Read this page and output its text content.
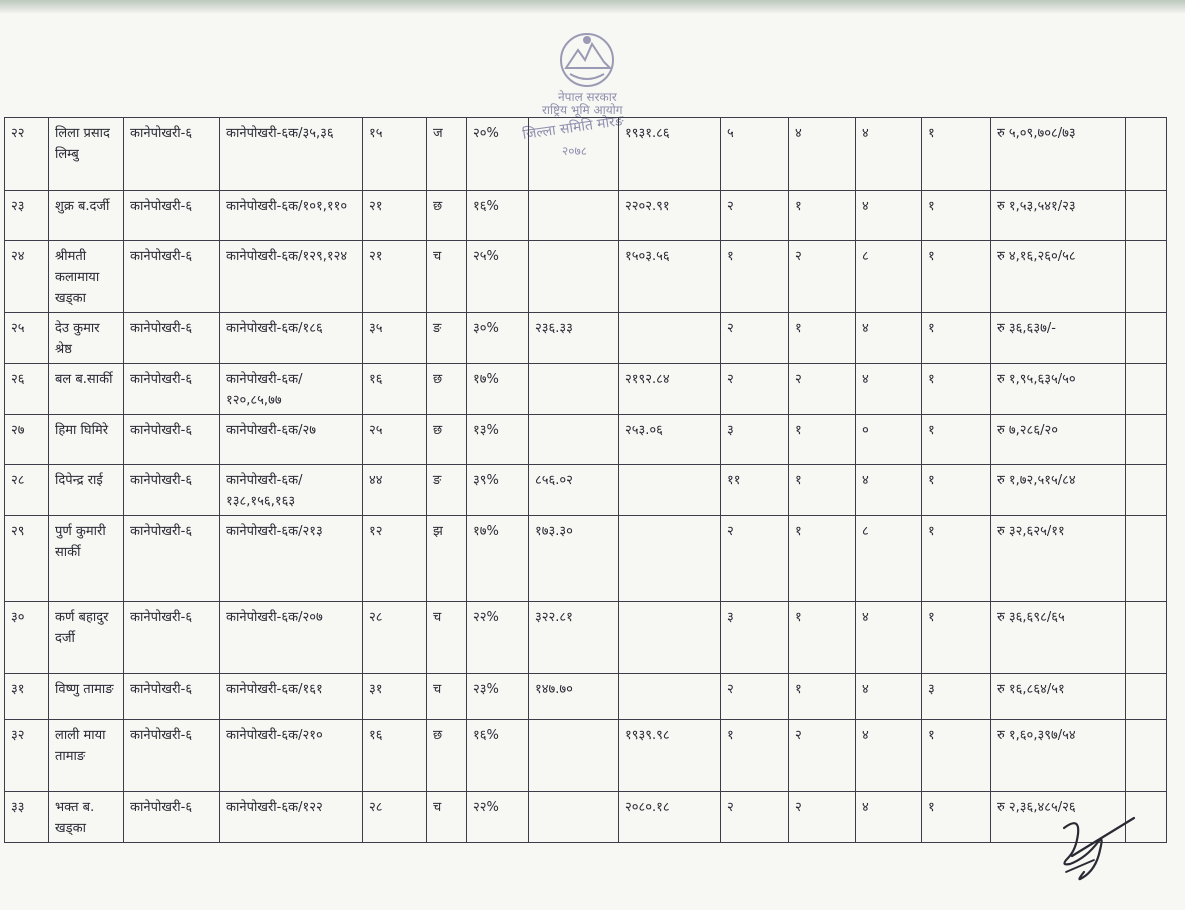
नेपाल सरकार
राष्ट्रिय भूमि आयोग
जिल्ला समिति मोरङ
२०७८
२२	लिला प्रसाद लिम्बु	कानेपोखरी-६	कानेपोखरी-६क/३५,३६	१५	ज	२०%		१९३१.८६	५	४	४	१	रु ५,०९,७०८/७३	
२३	शुक्र ब.दर्जी	कानेपोखरी-६	कानेपोखरी-६क/१०१,११०	२१	छ	१६%		२२०२.९१	२	१	४	१	रु १,५३,५४१/२३	
२४	श्रीमती कलामाया खड्का	कानेपोखरी-६	कानेपोखरी-६क/१२९,१२४	२१	च	२५%		१५०३.५६	१	२	८	१	रु ४,१६,२६०/५८	
२५	देउ कुमार श्रेष्ठ	कानेपोखरी-६	कानेपोखरी-६क/१८६	३५	ङ	३०%	२३६.३३		२	१	४	१	रु ३६,६३७/-	
२६	बल ब.सार्की	कानेपोखरी-६	कानेपोखरी-६क/१२०,८५,७७	१६	छ	१७%		२१९२.८४	२	२	४	१	रु १,९५,६३५/५०	
२७	हिमा घिमिरे	कानेपोखरी-६	कानेपोखरी-६क/२७	२५	छ	१३%		२५३.०६	३	१	०	१	रु ७,२८६/२०	
२८	दिपेन्द्र राई	कानेपोखरी-६	कानेपोखरी-६क/१३८,१५६,१६३	४४	ङ	३९%	८५६.०२		११	१	४	१	रु १,७२,५१५/८४	
२९	पुर्ण कुमारी सार्की	कानेपोखरी-६	कानेपोखरी-६क/२१३	१२	झ	१७%	१७३.३०		२	१	८	१	रु ३२,६२५/११	
३०	कर्ण बहादुर दर्जी	कानेपोखरी-६	कानेपोखरी-६क/२०७	२८	च	२२%	३२२.८१		३	१	४	१	रु ३६,६९८/६५	
३१	विष्णु तामाङ	कानेपोखरी-६	कानेपोखरी-६क/१६१	३१	च	२३%	१४७.७०		२	१	४	३	रु १६,८६४/५१	
३२	लाली माया तामाङ	कानेपोखरी-६	कानेपोखरी-६क/२१०	१६	छ	१६%		१९३९.९८	१	२	४	१	रु १,६०,३९७/५४	
३३	भक्त ब. खड्का	कानेपोखरी-६	कानेपोखरी-६क/१२२	२८	च	२२%		२०८०.१८	२	२	४	१	रु २,३६,४८५/२६	
